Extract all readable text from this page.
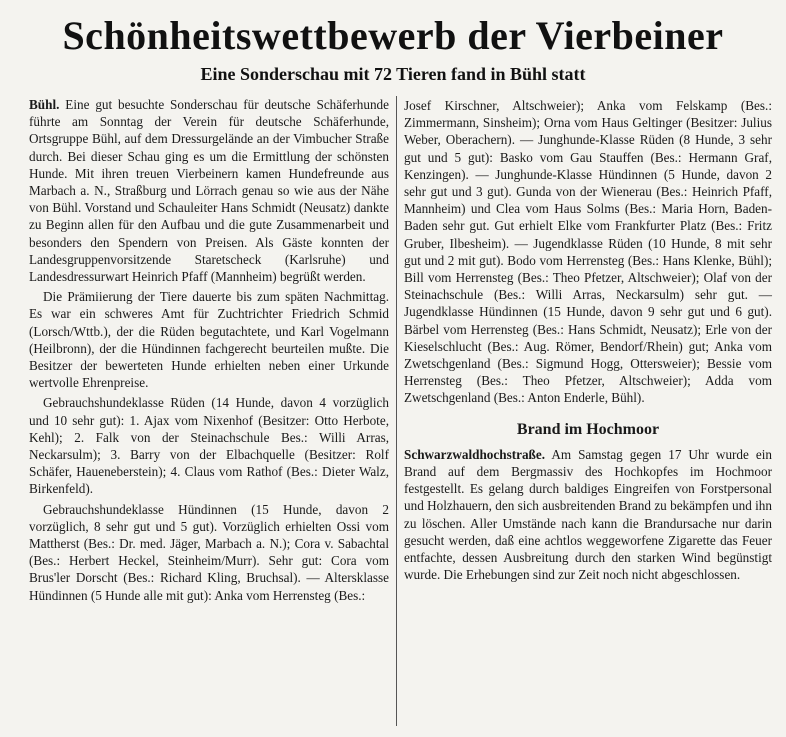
Schönheitswettbewerb der Vierbeiner
Eine Sonderschau mit 72 Tieren fand in Bühl statt

Bühl. Eine gut besuchte Sonderschau für deutsche Schäferhunde führte am Sonntag der Verein für deutsche Schäferhunde, Ortsgruppe Bühl, auf dem Dressurgelände an der Vimbucher Straße durch. Bei dieser Schau ging es um die Ermittlung der schönsten Hunde. Mit ihren treuen Vierbeinern kamen Hundefreunde aus Marbach a. N., Straßburg und Lörrach genau so wie aus der Nähe von Bühl. Vorstand und Schauleiter Hans Schmidt (Neusatz) dankte zu Beginn allen für den Aufbau und die gute Zusammenarbeit und besonders den Spendern von Preisen. Als Gäste konnten der Landesgruppenvorsitzende Staretscheck (Karlsruhe) und Landesdressurwart Heinrich Pfaff (Mannheim) begrüßt werden.

Die Prämiierung der Tiere dauerte bis zum späten Nachmittag. Es war ein schweres Amt für Zuchtrichter Friedrich Schmid (Lorsch/Wttb.), der die Rüden begutachtete, und Karl Vogelmann (Heilbronn), der die Hündinnen fachgerecht beurteilen mußte. Die Besitzer der bewerteten Hunde erhielten neben einer Urkunde wertvolle Ehrenpreise.

Gebrauchshundeklasse Rüden (14 Hunde, davon 4 vorzüglich und 10 sehr gut): 1. Ajax vom Nixenhof (Besitzer: Otto Herbote, Kehl); 2. Falk von der Steinachschule Bes.: Willi Arras, Neckarsulm); 3. Barry von der Elbachquelle (Besitzer: Rolf Schäfer, Haueneberstein); 4. Claus vom Rathof (Bes.: Dieter Walz, Birkenfeld).

Gebrauchshundeklasse Hündinnen (15 Hunde, davon 2 vorzüglich, 8 sehr gut und 5 gut). Vorzüglich erhielten Ossi vom Mattherst (Bes.: Dr. med. Jäger, Marbach a. N.); Cora v. Sabachtal (Bes.: Herbert Heckel, Steinheim/Murr). Sehr gut: Cora vom Brus'ler Dorscht (Bes.: Richard Kling, Bruchsal). — Altersklasse Hündinnen (5 Hunde alle mit gut): Anka vom Herrensteg (Bes.:

Josef Kirschner, Altschweier); Anka vom Felskamp (Bes.: Zimmermann, Sinsheim); Orna vom Haus Geltinger (Besitzer: Julius Weber, Oberachern). — Junghunde-Klasse Rüden (8 Hunde, 3 sehr gut und 5 gut): Basko vom Gau Stauffen (Bes.: Hermann Graf, Kenzingen). — Junghunde-Klasse Hündinnen (5 Hunde, davon 2 sehr gut und 3 gut). Gunda von der Wienerau (Bes.: Heinrich Pfaff, Mannheim) und Clea vom Haus Solms (Bes.: Maria Horn, Baden-Baden sehr gut. Gut erhielt Elke vom Frankfurter Platz (Bes.: Fritz Gruber, Ilbesheim). — Jugendklasse Rüden (10 Hunde, 8 mit sehr gut und 2 mit gut). Bodo vom Herrensteg (Bes.: Hans Klenke, Bühl); Bill vom Herrensteg (Bes.: Theo Pfetzer, Altschweier); Olaf von der Steinachschule (Bes.: Willi Arras, Neckarsulm) sehr gut. — Jugendklasse Hündinnen (15 Hunde, davon 9 sehr gut und 6 gut). Bärbel vom Herrensteg (Bes.: Hans Schmidt, Neusatz); Erle von der Kieselschlucht (Bes.: Aug. Römer, Bendorf/Rhein) gut; Anka vom Zwetschgenland (Bes.: Sigmund Hogg, Ottersweier); Bessie vom Herrensteg (Bes.: Theo Pfetzer, Altschweier); Adda vom Zwetschgenland (Bes.: Anton Enderle, Bühl).

Brand im Hochmoor

Schwarzwaldhochstraße. Am Samstag gegen 17 Uhr wurde ein Brand auf dem Bergmassiv des Hochkopfes im Hochmoor festgestellt. Es gelang durch baldiges Eingreifen von Forstpersonal und Holzhauern, den sich ausbreitenden Brand zu bekämpfen und ihn zu löschen. Aller Umstände nach kann die Brandursache nur darin gesucht werden, daß eine achtlos weggeworfene Zigarette das Feuer entfachte, dessen Ausbreitung durch den starken Wind begünstigt wurde. Die Erhebungen sind zur Zeit noch nicht abgeschlossen.
